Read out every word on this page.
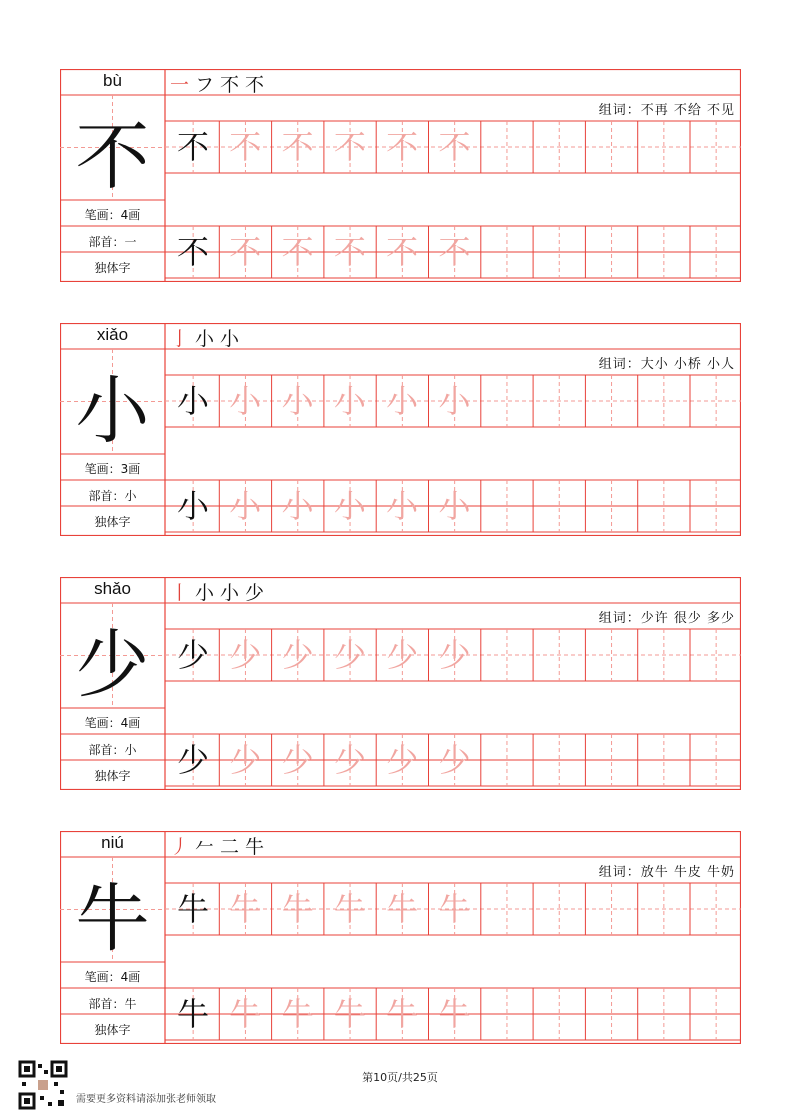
bù
不
一 フ 不 不
组词：不再 不给 不见
笔画：4画
部首：一
独体字
不 不 不 不 不 不
不 不 不 不 不 不
xiǎo
小
亅 小 小
组词：大小 小桥 小人
笔画：3画
部首：小
独体字
小 小 小 小 小 小
小 小 小 小 小 小
shǎo
少
丨 小 小 少
组词：少许 很少 多少
笔画：4画
部首：小
独体字
少 少 少 少 少 少
少 少 少 少 少 少
niú
牛
丿 𠂉 二 牛
组词：放牛 牛皮 牛奶
笔画：4画
部首：牛
独体字
牛 牛 牛 牛 牛 牛
牛 牛 牛 牛 牛 牛
第10页/共25页
需要更多资料请添加张老师领取
